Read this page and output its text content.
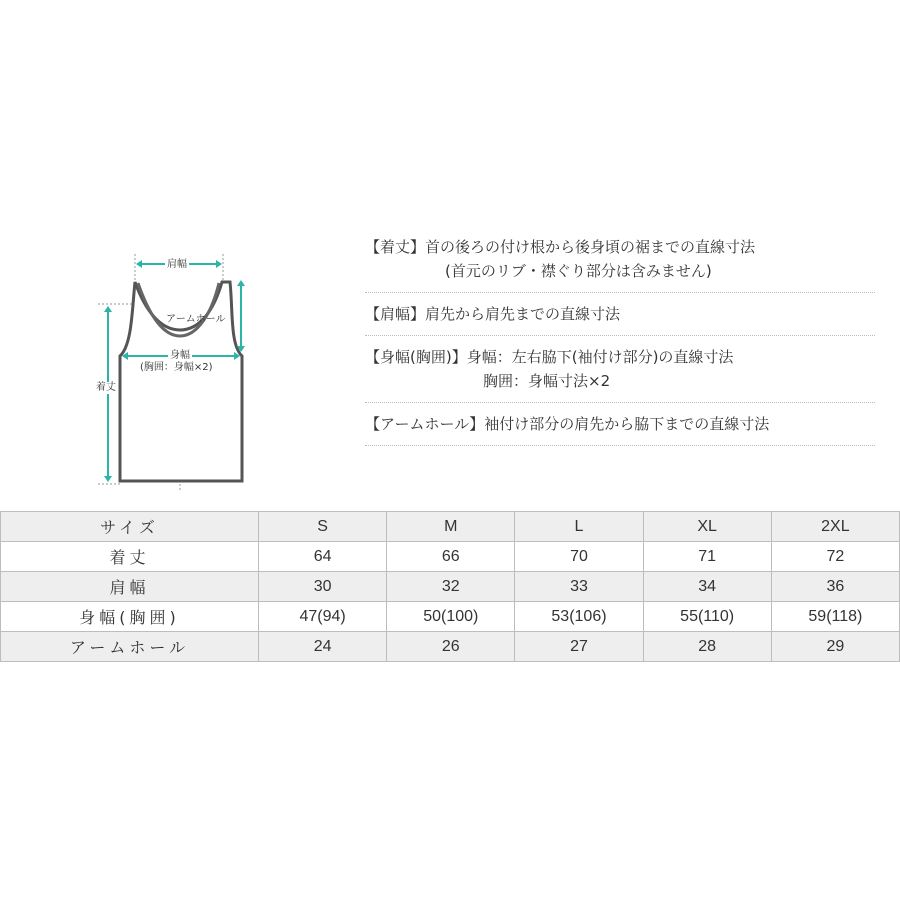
肩幅
アームホール
身幅
(胸囲：身幅×2)
着丈
【着丈】 首の後ろの付け根から後身頃の裾までの直線寸法
(首元のリブ・襟ぐり部分は含みません)
【肩幅】 肩先から肩先までの直線寸法
【身幅(胸囲)】 身幅：左右脇下(袖付け部分)の直線寸法
胸囲：身幅寸法×2
【アームホール】 袖付け部分の肩先から脇下までの直線寸法
サイズ	S	M	L	XL	2XL
着丈	64	66	70	71	72
肩幅	30	32	33	34	36
身幅(胸囲)	47(94)	50(100)	53(106)	55(110)	59(118)
アームホール	24	26	27	28	29
